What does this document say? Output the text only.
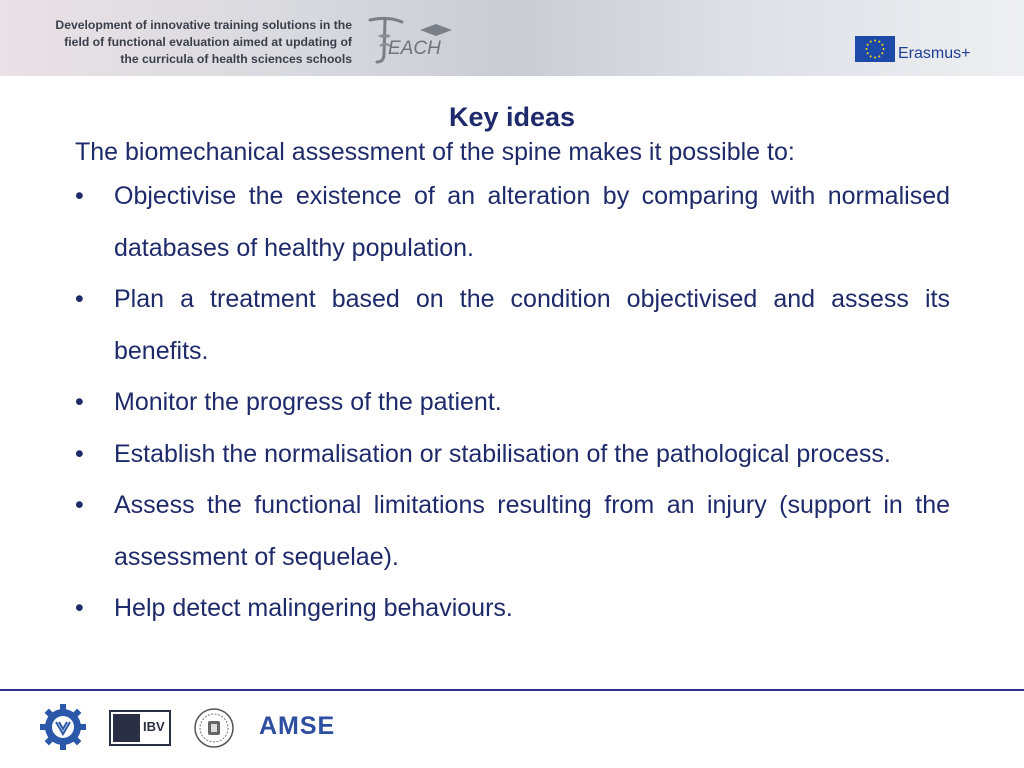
Development of innovative training solutions in the
field of functional evaluation aimed at updating of
the curricula of health sciences schools EACH	Erasmus+
Key ideas
The biomechanical assessment of the spine makes it possible to:
•	Objectivise the existence of an alteration by comparing with normalised databases of healthy population.
•	Plan a treatment based on the condition objectivised and assess its benefits.
•	Monitor the progress of the patient.
•	Establish the normalisation or stabilisation of the pathological process.
•	Assess the functional limitations resulting from an injury (support in the assessment of sequelae).
•	Help detect malingering behaviours.
IBV	AMSE
